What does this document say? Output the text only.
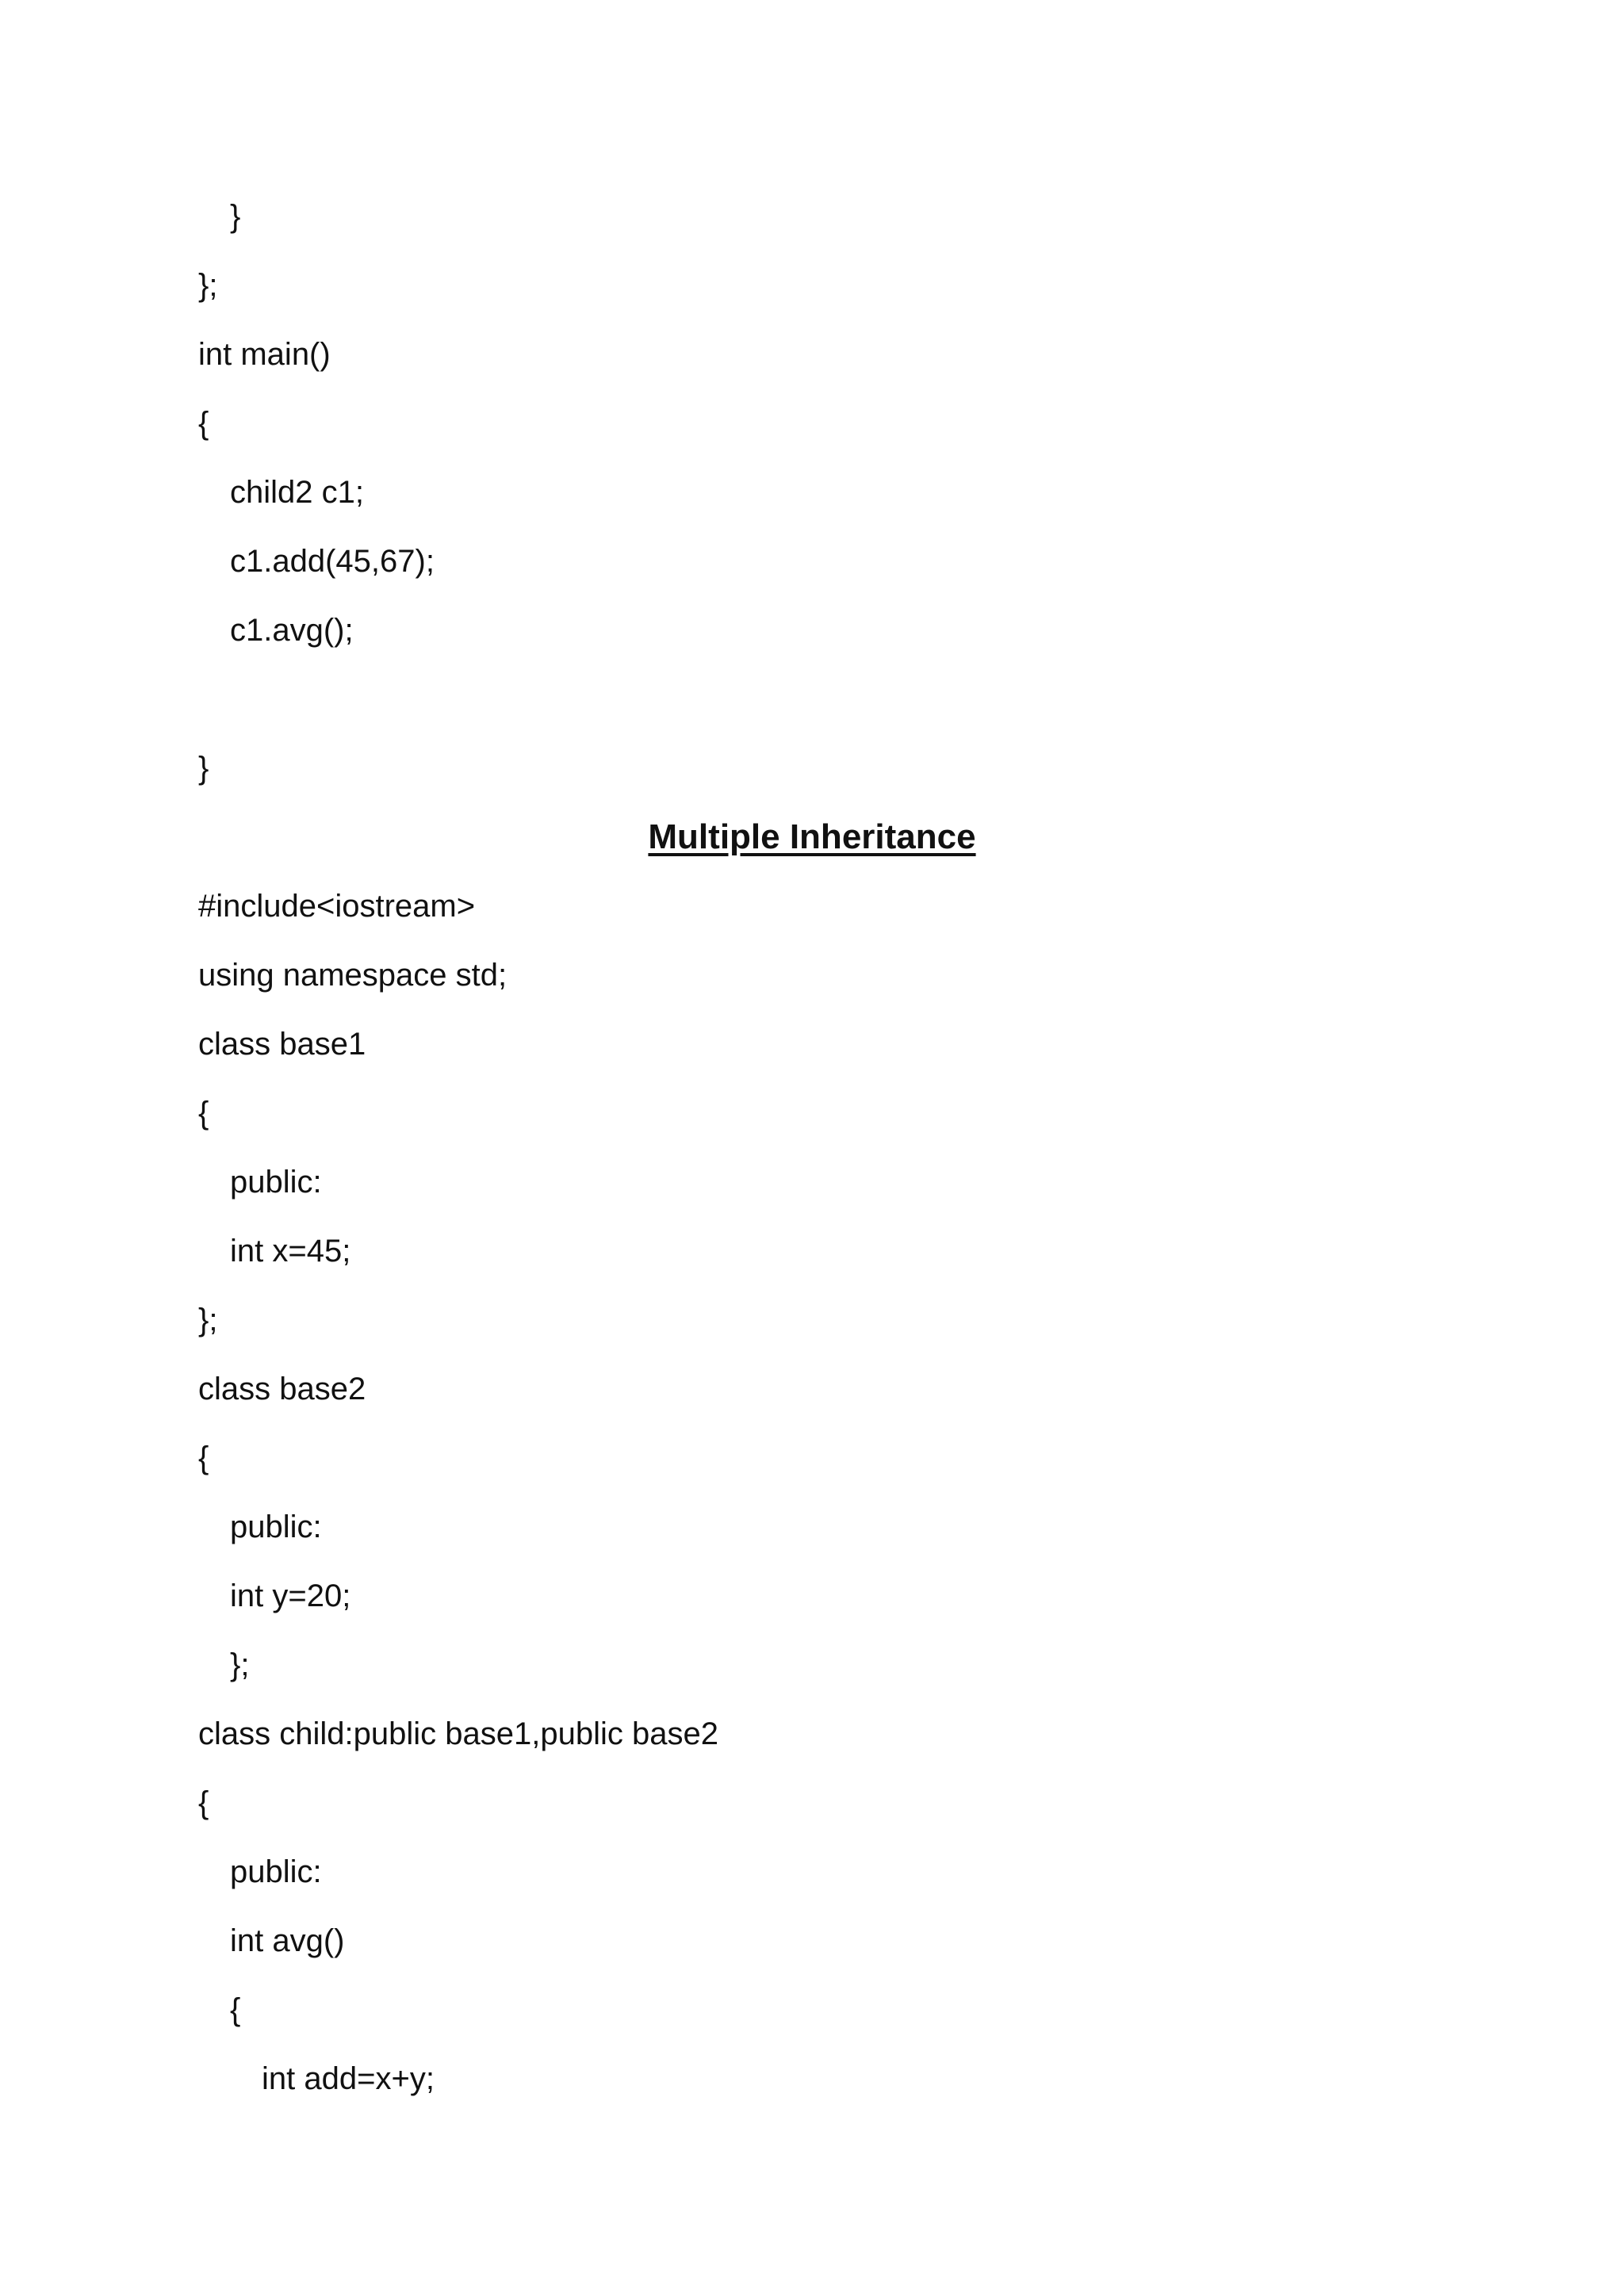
}
};
int main()
{
child2 c1;
c1.add(45,67);
c1.avg();
}
Multiple Inheritance
#include<iostream>
using namespace std;
class base1
{
public:
int x=45;
};
class base2
{
public:
int y=20;
};
class child:public base1,public base2
{
public:
int avg()
{
int add=x+y;
